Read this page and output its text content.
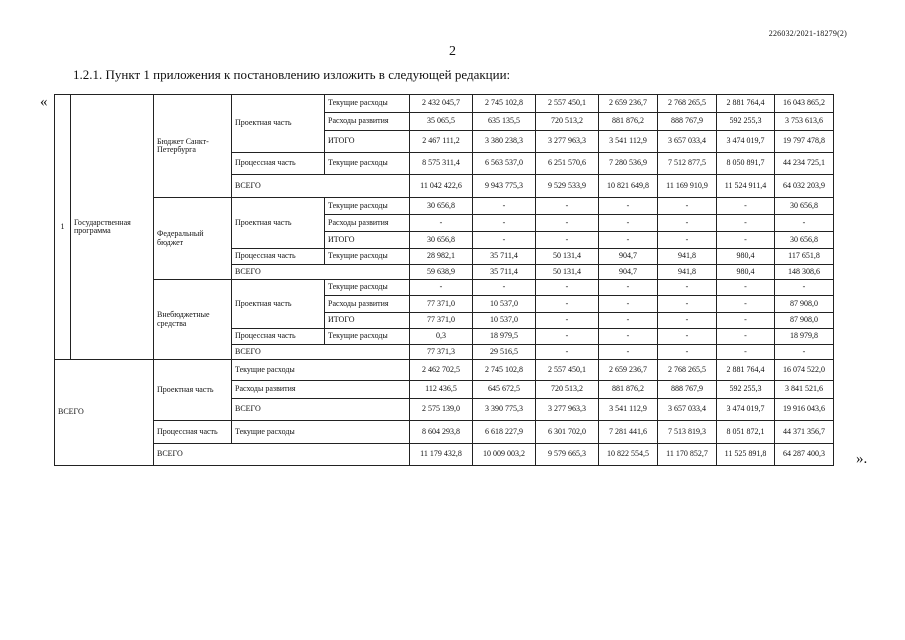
226032/2021-18279(2)
2
1.2.1. Пункт 1 приложения к постановлению изложить в следующей редакции:
«
».
1	Государственная программа	Бюджет Санкт-Петербурга	Проектная часть	Текущие расходы	2 432 045,7	2 745 102,8	2 557 450,1	2 659 236,7	2 768 265,5	2 881 764,4	16 043 865,2
				Расходы развития	35 065,5	635 135,5	720 513,2	881 876,2	888 767,9	592 255,3	3 753 613,6
				ИТОГО	2 467 111,2	3 380 238,3	3 277 963,3	3 541 112,9	3 657 033,4	3 474 019,7	19 797 478,8
			Процессная часть	Текущие расходы	8 575 311,4	6 563 537,0	6 251 570,6	7 280 536,9	7 512 877,5	8 050 891,7	44 234 725,1
			ВСЕГО		11 042 422,6	9 943 775,3	9 529 533,9	10 821 649,8	11 169 910,9	11 524 911,4	64 032 203,9
		Федеральный бюджет	Проектная часть	Текущие расходы	30 656,8	-	-	-	-	-	30 656,8
				Расходы развития	-	-	-	-	-	-	-
				ИТОГО	30 656,8	-	-	-	-	-	30 656,8
			Процессная часть	Текущие расходы	28 982,1	35 711,4	50 131,4	904,7	941,8	980,4	117 651,8
			ВСЕГО		59 638,9	35 711,4	50 131,4	904,7	941,8	980,4	148 308,6
		Внебюджетные средства	Проектная часть	Текущие расходы	-	-	-	-	-	-	-
				Расходы развития	77 371,0	10 537,0	-	-	-	-	87 908,0
				ИТОГО	77 371,0	10 537,0	-	-	-	-	87 908,0
			Процессная часть	Текущие расходы	0,3	18 979,5	-	-	-	-	18 979,8
			ВСЕГО		77 371,3	29 516,5	-	-	-	-	-
ВСЕГО		Проектная часть	Текущие расходы		2 462 702,5	2 745 102,8	2 557 450,1	2 659 236,7	2 768 265,5	2 881 764,4	16 074 522,0
			Расходы развития		112 436,5	645 672,5	720 513,2	881 876,2	888 767,9	592 255,3	3 841 521,6
			ВСЕГО		2 575 139,0	3 390 775,3	3 277 963,3	3 541 112,9	3 657 033,4	3 474 019,7	19 916 043,6
		Процессная часть	Текущие расходы		8 604 293,8	6 618 227,9	6 301 702,0	7 281 441,6	7 513 819,3	8 051 872,1	44 371 356,7
		ВСЕГО			11 179 432,8	10 009 003,2	9 579 665,3	10 822 554,5	11 170 852,7	11 525 891,8	64 287 400,3
